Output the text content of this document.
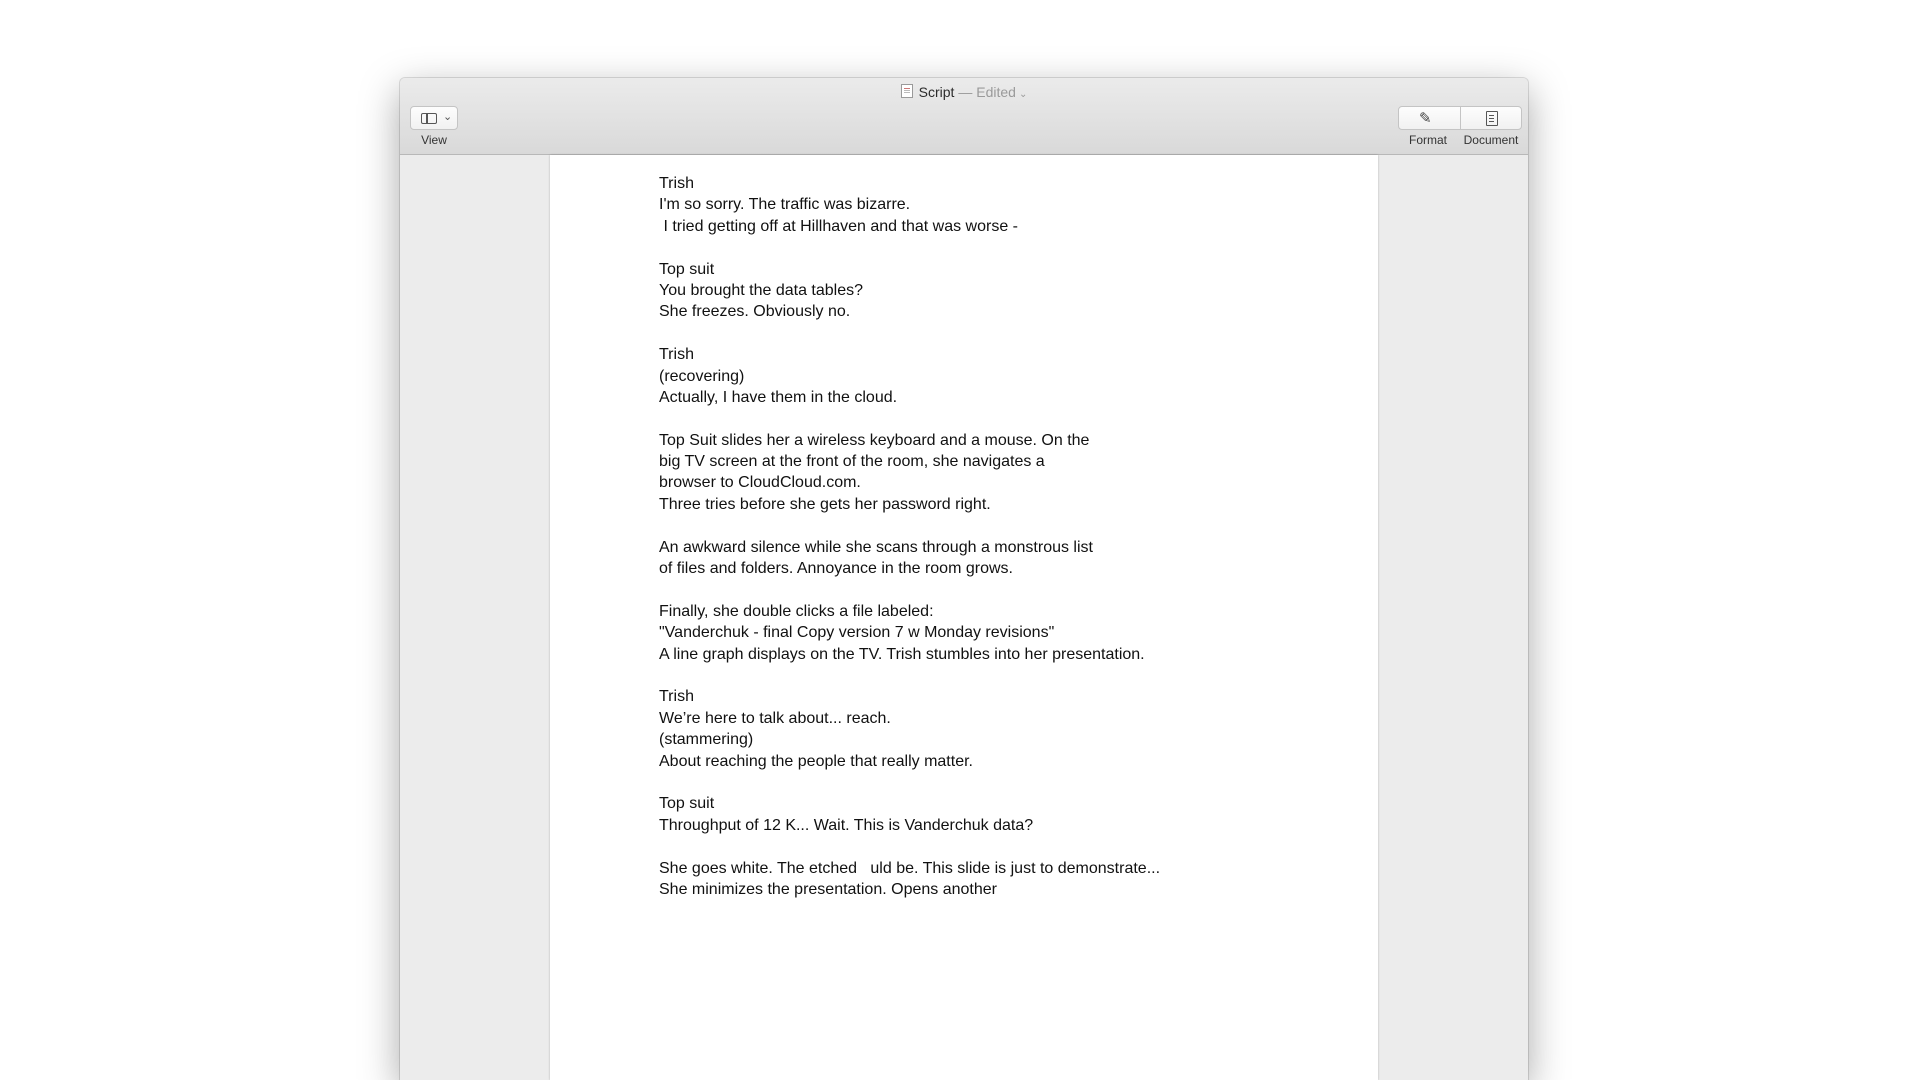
Script — Edited ⌄
⌄
View
✎
Format	Document
Trish
I'm so sorry. The traffic was bizarre.
I tried getting off at Hillhaven and that was worse -
Top suit
You brought the data tables?
She freezes. Obviously no.
Trish
(recovering)
Actually, I have them in the cloud.
Top Suit slides her a wireless keyboard and a mouse. On the
big TV screen at the front of the room, she navigates a
browser to CloudCloud.com.
Three tries before she gets her password right.
An awkward silence while she scans through a monstrous list
of files and folders. Annoyance in the room grows.
Finally, she double clicks a file labeled:
"Vanderchuk - final Copy version 7 w Monday revisions"
A line graph displays on the TV. Trish stumbles into her presentation.
Trish
We’re here to talk about... reach.
(stammering)
About reaching the people that really matter.
Top suit
Throughput of 12 K... Wait. This is Vanderchuk data?
She goes white. The etched   uld be. This slide is just to demonstrate...
She minimizes the presentation. Opens another
